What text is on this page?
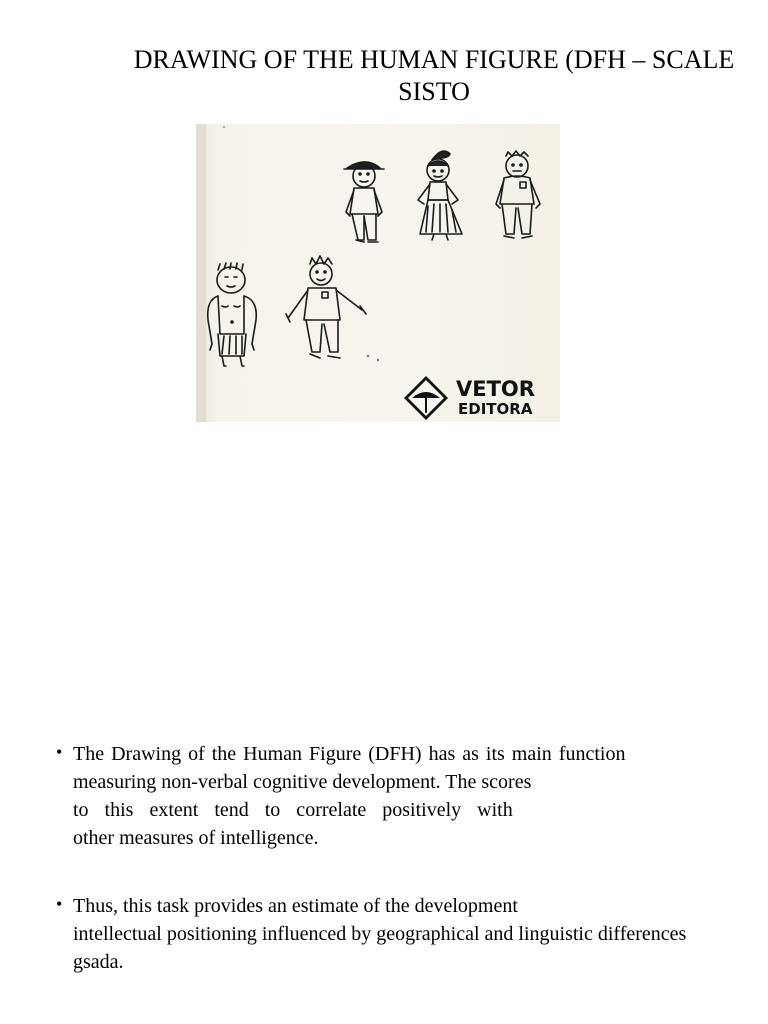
DRAWING OF THE HUMAN FIGURE (DFH – SCALE
SISTO
VETOR
EDITORA
• The Drawing of the Human Figure (DFH) has as its main function
measuring non-verbal cognitive development. The scores
to this extent tend to correlate positively with
other measures of intelligence.
• Thus, this task provides an estimate of the development
intellectual positioning influenced by geographical and linguistic differences
gsada.
